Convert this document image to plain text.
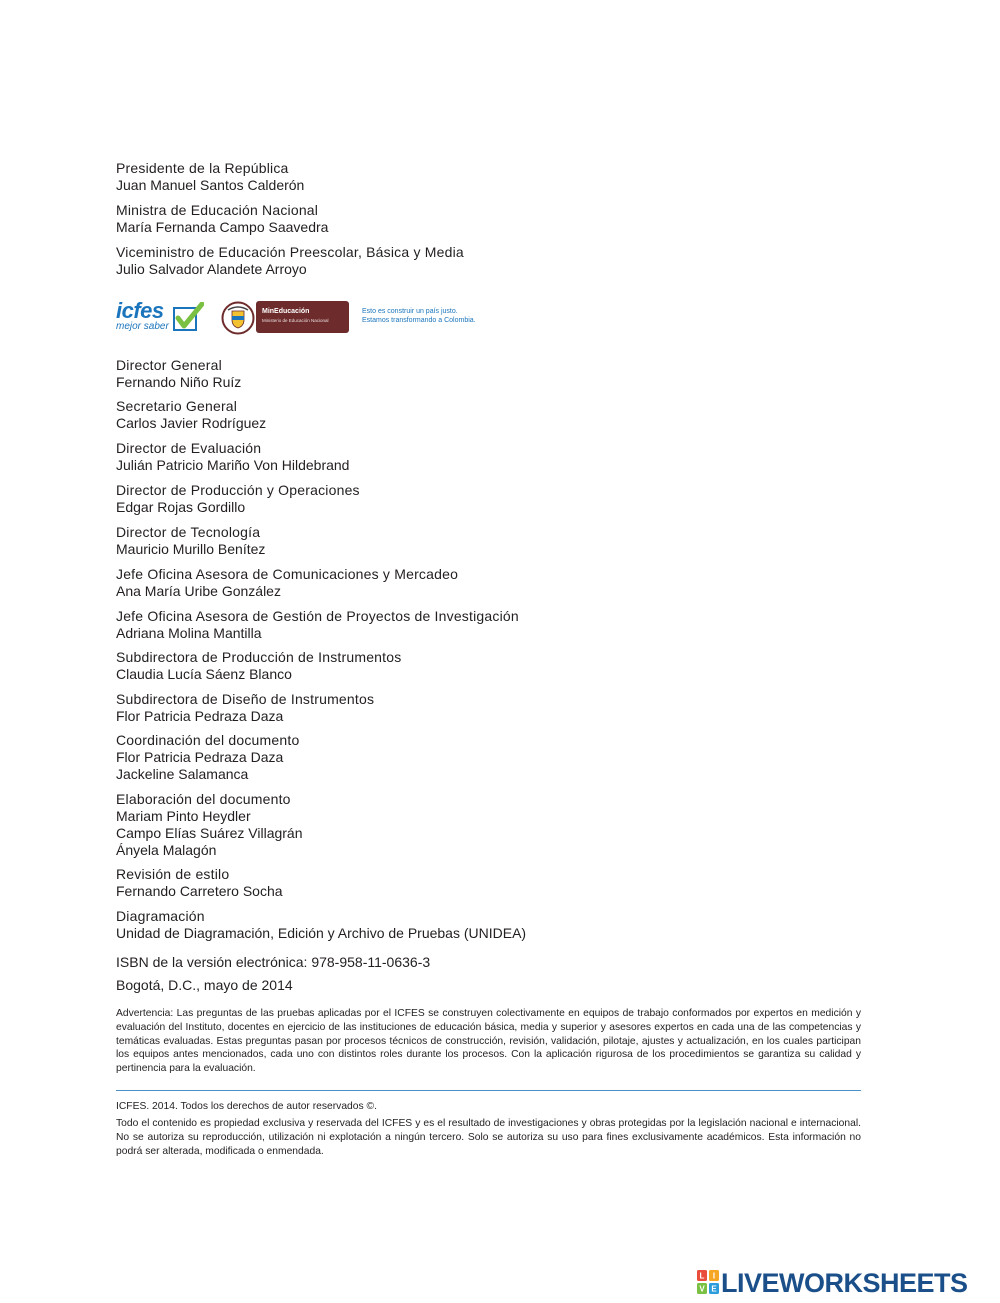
Presidente de la República
Juan Manuel Santos Calderón
Ministra de Educación Nacional
María Fernanda Campo Saavedra
Viceministro de Educación Preescolar, Básica y Media
Julio Salvador Alandete Arroyo
icfes
mejor saber
MinEducación
Ministerio de Educación Nacional
Esto es construir un país justo.
Estamos transformando a Colombia.
Director General
Fernando Niño Ruíz
Secretario General
Carlos Javier Rodríguez
Director de Evaluación
Julián Patricio Mariño Von Hildebrand
Director de Producción y Operaciones
Edgar Rojas Gordillo
Director de Tecnología
Mauricio Murillo Benítez
Jefe Oficina Asesora de Comunicaciones y Mercadeo
Ana María Uribe González
Jefe Oficina Asesora de Gestión de Proyectos de Investigación
Adriana Molina Mantilla
Subdirectora de Producción de Instrumentos
Claudia Lucía Sáenz Blanco
Subdirectora de Diseño de Instrumentos
Flor Patricia Pedraza Daza
Coordinación del documento
Flor Patricia Pedraza Daza
Jackeline Salamanca
Elaboración del documento
Mariam Pinto Heydler
Campo Elías Suárez Villagrán
Ányela Malagón
Revisión de estilo
Fernando Carretero Socha
Diagramación
Unidad de Diagramación, Edición y Archivo de Pruebas (UNIDEA)
ISBN de la versión electrónica: 978-958-11-0636-3
Bogotá, D.C., mayo de 2014
Advertencia: Las preguntas de las pruebas aplicadas por el ICFES se construyen colectivamente en equipos de trabajo conformados por expertos en medición y evaluación del Instituto, docentes en ejercicio de las instituciones de educación básica, media y superior y asesores expertos en cada una de las competencias y temáticas evaluadas. Estas preguntas pasan por procesos técnicos de construcción, revisión, validación, pilotaje, ajustes y actualización, en los cuales participan los equipos antes mencionados, cada uno con distintos roles durante los procesos. Con la aplicación rigurosa de los procedimientos se garantiza su calidad y pertinencia para la evaluación.
ICFES. 2014. Todos los derechos de autor reservados ©.
Todo el contenido es propiedad exclusiva y reservada del ICFES y es el resultado de investigaciones y obras protegidas por la legislación nacional e internacional. No se autoriza su reproducción, utilización ni explotación a ningún tercero. Solo se autoriza su uso para fines exclusivamente académicos. Esta información no podrá ser alterada, modificada o enmendada.
L I
V E LIVEWORKSHEETS
